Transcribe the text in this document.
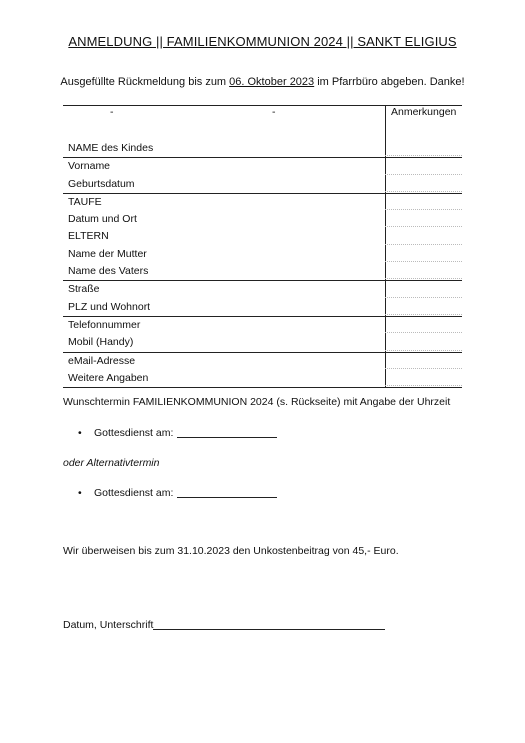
ANMELDUNG || FAMILIENKOMMUNION 2024 || SANKT ELIGIUS
Ausgefüllte Rückmeldung bis zum 06. Oktober 2023 im Pfarrbüro abgeben. Danke!
-	-	Anmerkungen
NAME des Kindes
Vorname
Geburtsdatum
TAUFE
Datum und Ort
ELTERN
Name der Mutter
Name des Vaters
Straße
PLZ und Wohnort
Telefonnummer
Mobil (Handy)
eMail-Adresse
Weitere Angaben
Wunschtermin FAMILIENKOMMUNION 2024 (s. Rückseite) mit Angabe der Uhrzeit
• Gottesdienst am:
oder Alternativtermin
• Gottesdienst am:
Wir überweisen bis zum 31.10.2023 den Unkostenbeitrag von 45,- Euro.
Datum, Unterschrift
